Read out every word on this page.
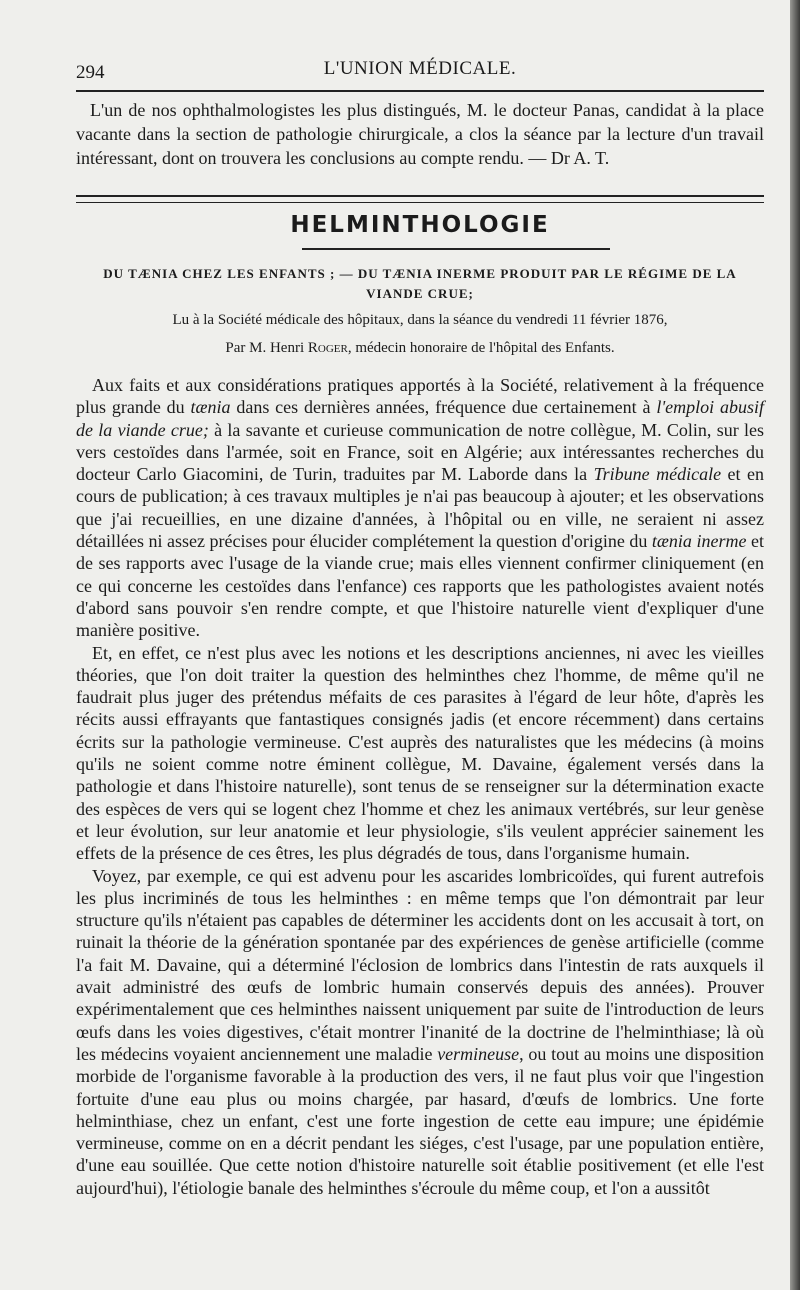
294	L'UNION MÉDICALE.

L'un de nos ophthalmologistes les plus distingués, M. le docteur Panas, candidat à la place vacante dans la section de pathologie chirurgicale, a clos la séance par la lecture d'un travail intéressant, dont on trouvera les conclusions au compte rendu. — Dr A. T.

HELMINTHOLOGIE
DU TÆNIA CHEZ LES ENFANTS ; — DU TÆNIA INERME PRODUIT PAR LE RÉGIME DE LA VIANDE CRUE;
Lu à la Société médicale des hôpitaux, dans la séance du vendredi 11 février 1876,
Par M. Henri Roger, médecin honoraire de l'hôpital des Enfants.

Aux faits et aux considérations pratiques apportés à la Société, relativement à la fréquence plus grande du tænia dans ces dernières années, fréquence due certainement à l'emploi abusif de la viande crue; à la savante et curieuse communication de notre collègue, M. Colin, sur les vers cestoïdes dans l'armée, soit en France, soit en Algérie; aux intéressantes recherches du docteur Carlo Giacomini, de Turin, traduites par M. Laborde dans la Tribune médicale et en cours de publication; à ces travaux multiples je n'ai pas beaucoup à ajouter; et les observations que j'ai recueillies, en une dizaine d'années, à l'hôpital ou en ville, ne seraient ni assez détaillées ni assez précises pour élucider complétement la question d'origine du tænia inerme et de ses rapports avec l'usage de la viande crue; mais elles viennent confirmer cliniquement (en ce qui concerne les cestoïdes dans l'enfance) ces rapports que les pathologistes avaient notés d'abord sans pouvoir s'en rendre compte, et que l'histoire naturelle vient d'expliquer d'une manière positive.

Et, en effet, ce n'est plus avec les notions et les descriptions anciennes, ni avec les vieilles théories, que l'on doit traiter la question des helminthes chez l'homme, de même qu'il ne faudrait plus juger des prétendus méfaits de ces parasites à l'égard de leur hôte, d'après les récits aussi effrayants que fantastiques consignés jadis (et encore récemment) dans certains écrits sur la pathologie vermineuse. C'est auprès des naturalistes que les médecins (à moins qu'ils ne soient comme notre éminent collègue, M. Davaine, également versés dans la pathologie et dans l'histoire naturelle), sont tenus de se renseigner sur la détermination exacte des espèces de vers qui se logent chez l'homme et chez les animaux vertébrés, sur leur genèse et leur évolution, sur leur anatomie et leur physiologie, s'ils veulent apprécier sainement les effets de la présence de ces êtres, les plus dégradés de tous, dans l'organisme humain.

Voyez, par exemple, ce qui est advenu pour les ascarides lombricoïdes, qui furent autrefois les plus incriminés de tous les helminthes : en même temps que l'on démontrait par leur structure qu'ils n'étaient pas capables de déterminer les accidents dont on les accusait à tort, on ruinait la théorie de la génération spontanée par des expériences de genèse artificielle (comme l'a fait M. Davaine, qui a déterminé l'éclosion de lombrics dans l'intestin de rats auxquels il avait administré des œufs de lombric humain conservés depuis des années). Prouver expérimentalement que ces helminthes naissent uniquement par suite de l'introduction de leurs œufs dans les voies digestives, c'était montrer l'inanité de la doctrine de l'helminthiase; là où les médecins voyaient anciennement une maladie vermineuse, ou tout au moins une disposition morbide de l'organisme favorable à la production des vers, il ne faut plus voir que l'ingestion fortuite d'une eau plus ou moins chargée, par hasard, d'œufs de lombrics. Une forte helminthiase, chez un enfant, c'est une forte ingestion de cette eau impure; une épidémie vermineuse, comme on en a décrit pendant les siéges, c'est l'usage, par une population entière, d'une eau souillée. Que cette notion d'histoire naturelle soit établie positivement (et elle l'est aujourd'hui), l'étiologie banale des helminthes s'écroule du même coup, et l'on a aussitôt
